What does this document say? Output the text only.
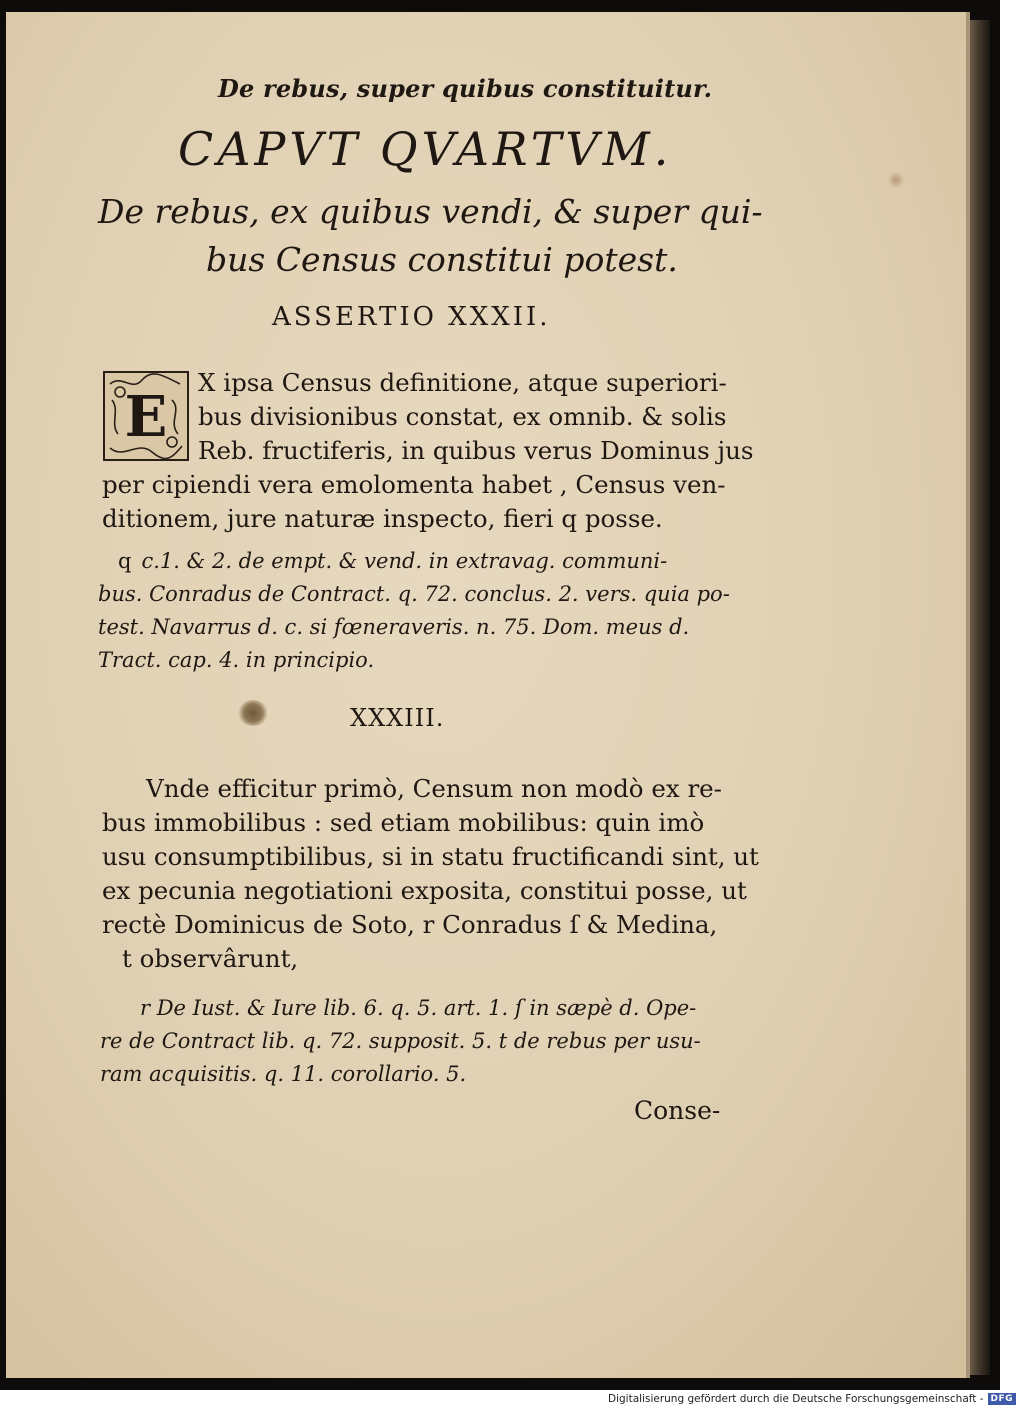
De rebus, super quibus constituitur.
CAPVT QVARTVM.
De rebus, ex quibus vendi, & super qui-
bus Census constitui potest.
ASSERTIO XXXII.
E
X ipsa Census definitione, atque superiori-
bus divisionibus constat, ex omnib. & solis
Reb. fructiferis, in quibus verus Dominus jus
per cipiendi vera emolomenta habet , Census ven-
ditionem, jure naturæ inspecto, fieri q posse.
q c.1. & 2. de empt. & vend. in extravag. communi-
bus. Conradus de Contract. q. 72. conclus. 2. vers. quia po-
test. Navarrus d. c. si fœneraveris. n. 75. Dom. meus d.
Tract. cap. 4. in principio.
XXXIII.
Vnde efficitur primò, Censum non modò ex re-
bus immobilibus : sed etiam mobilibus: quin imò
usu consumptibilibus, si in statu fructificandi sint, ut
ex pecunia negotiationi exposita, constitui posse, ut
rectè Dominicus de Soto, r Conradus ſ & Medina,
t observârunt,
r De Iust. & Iure lib. 6. q. 5. art. 1. ſ in sæpè d. Ope-
re de Contract lib. q. 72. supposit. 5. t de rebus per usu-
ram acquisitis. q. 11. corollario. 5.
Conse-
Digitalisierung gefördert durch die Deutsche Forschungsgemeinschaft - DFG
